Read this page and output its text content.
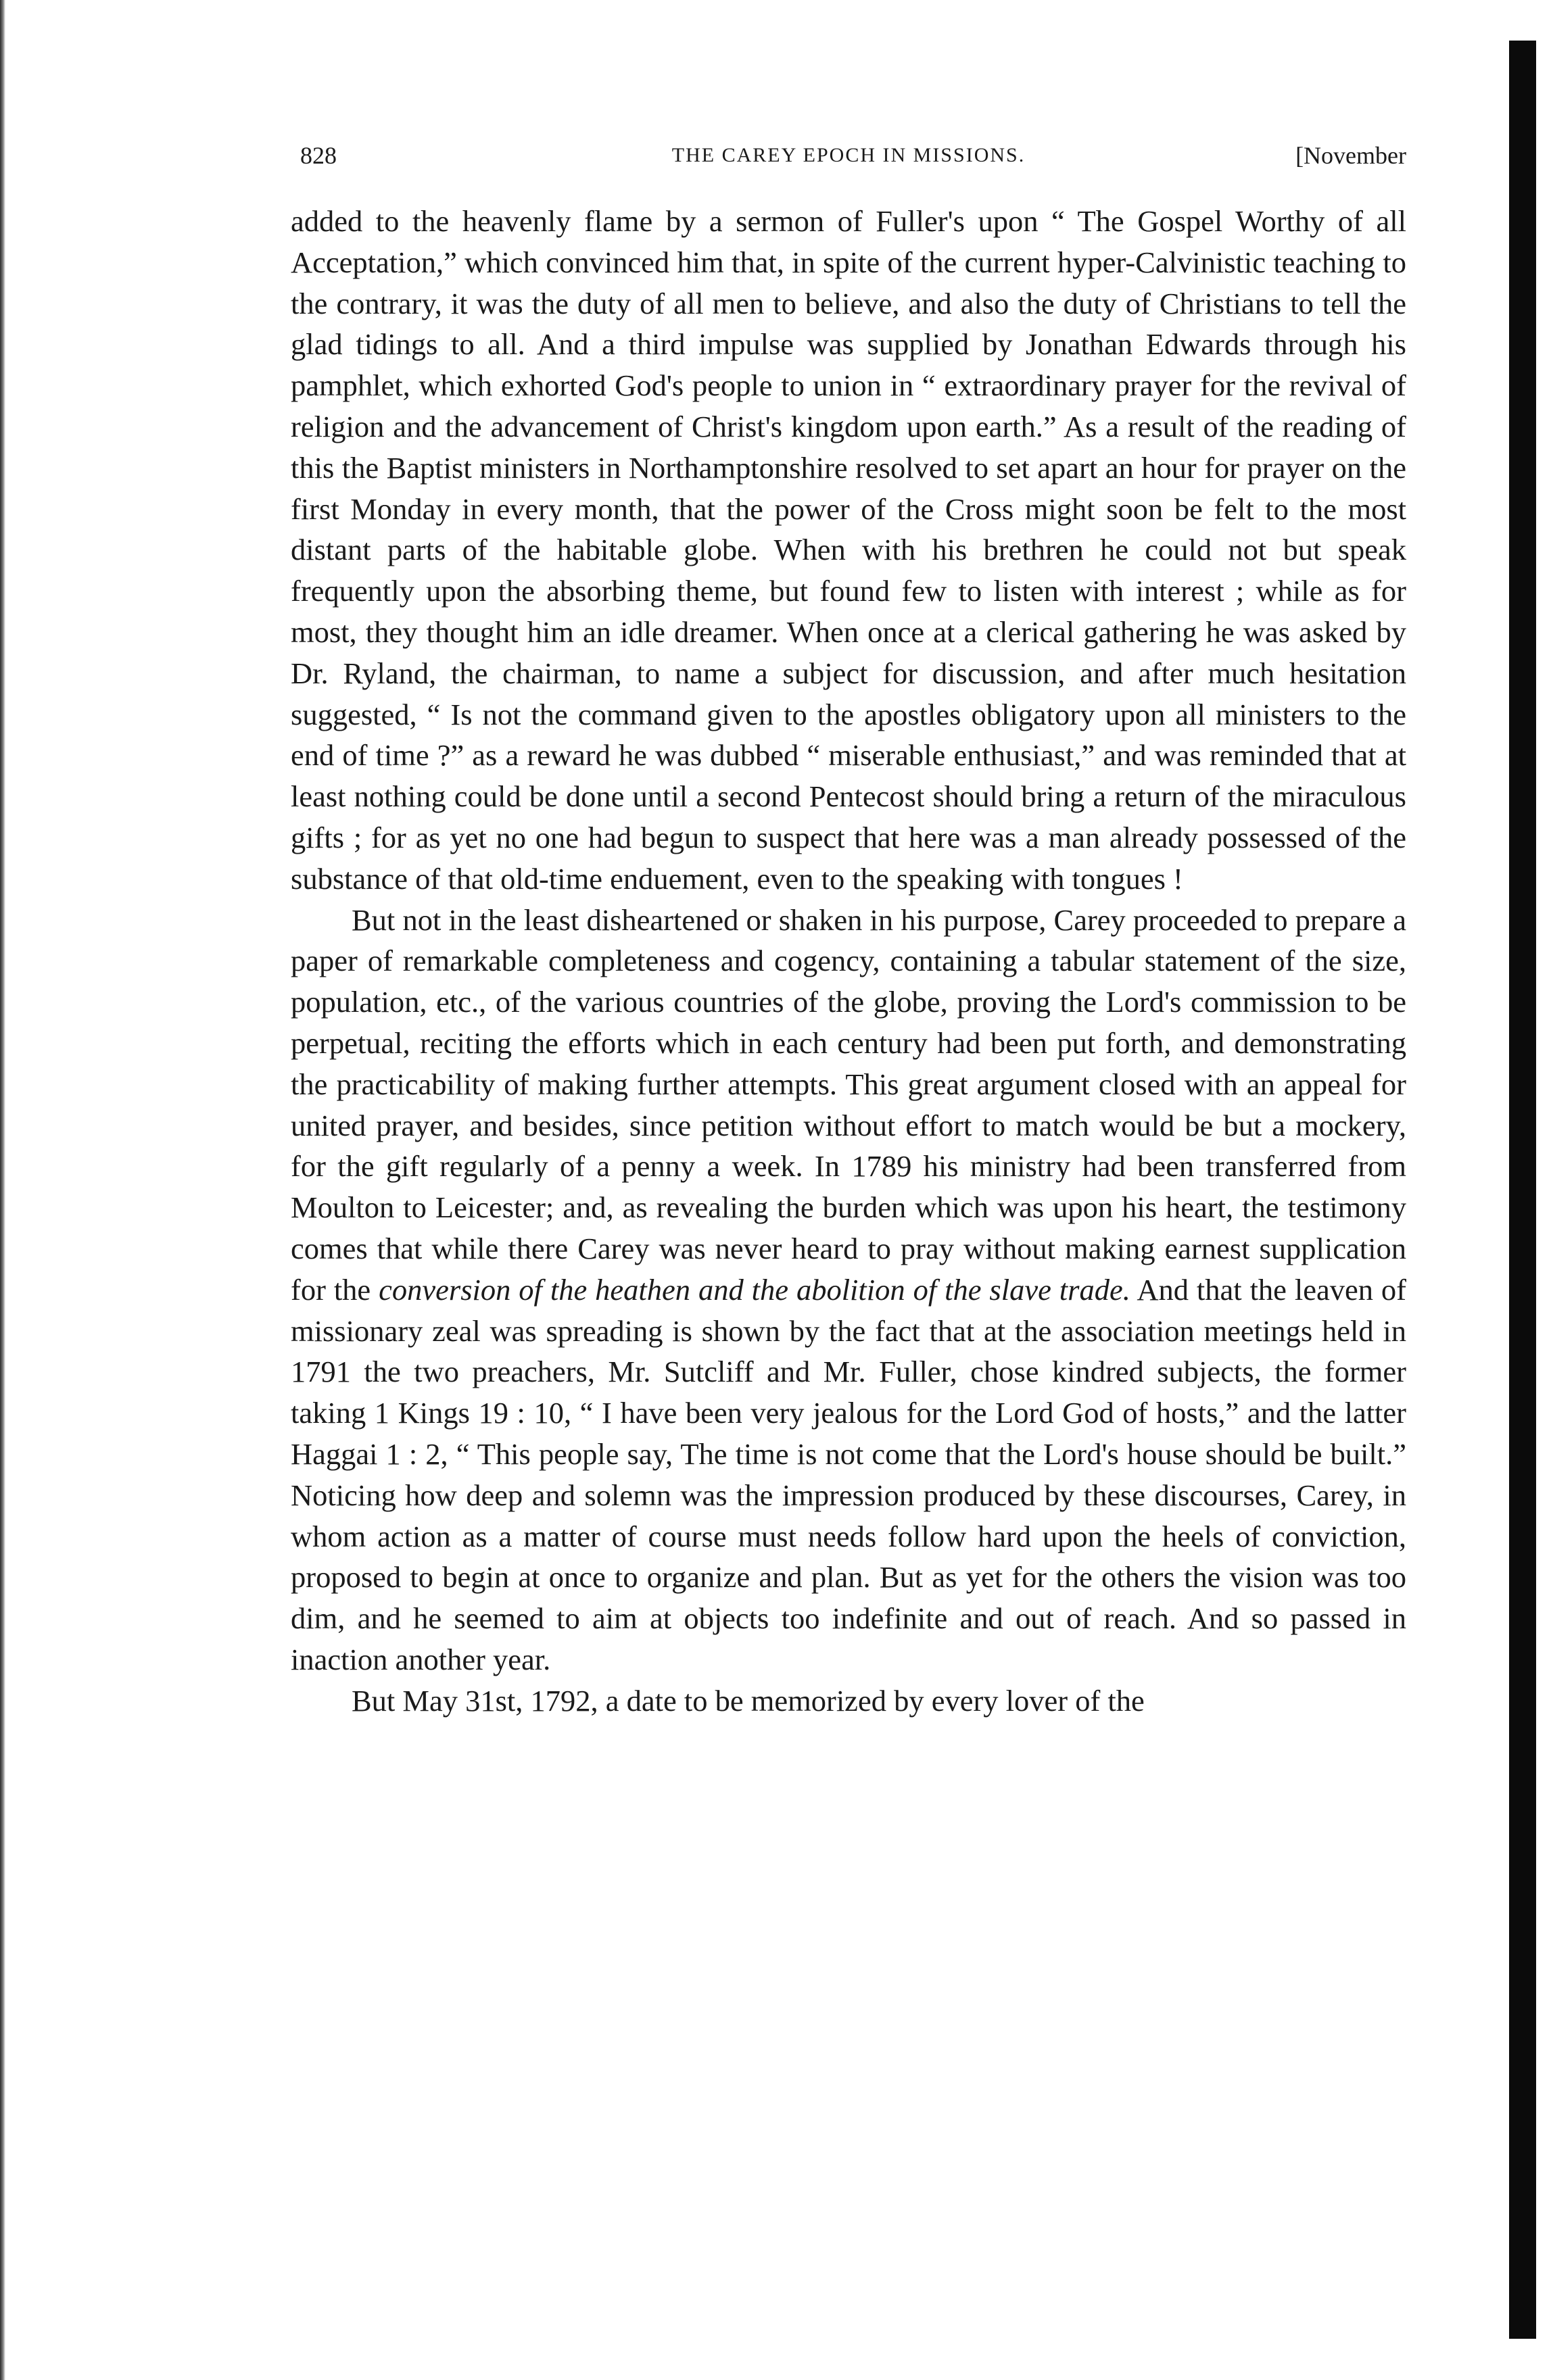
828	THE CAREY EPOCH IN MISSIONS.	[November

added to the heavenly flame by a sermon of Fuller's upon “ The Gospel Worthy of all Acceptation,” which convinced him that, in spite of the current hyper-Calvinistic teaching to the contrary, it was the duty of all men to believe, and also the duty of Christians to tell the glad tidings to all. And a third impulse was supplied by Jonathan Edwards through his pamphlet, which exhorted God's people to union in “ extraordinary prayer for the revival of religion and the advancement of Christ's kingdom upon earth.” As a result of the reading of this the Baptist ministers in Northamptonshire resolved to set apart an hour for prayer on the first Monday in every month, that the power of the Cross might soon be felt to the most distant parts of the habitable globe. When with his brethren he could not but speak frequently upon the absorbing theme, but found few to listen with interest ; while as for most, they thought him an idle dreamer. When once at a clerical gathering he was asked by Dr. Ryland, the chairman, to name a subject for discussion, and after much hesitation suggested, “ Is not the command given to the apostles obligatory upon all ministers to the end of time ?” as a reward he was dubbed “ miserable enthusiast,” and was reminded that at least nothing could be done until a second Pentecost should bring a return of the miraculous gifts ; for as yet no one had begun to suspect that here was a man already possessed of the substance of that old-time enduement, even to the speaking with tongues !

But not in the least disheartened or shaken in his purpose, Carey proceeded to prepare a paper of remarkable completeness and cogency, containing a tabular statement of the size, population, etc., of the various countries of the globe, proving the Lord's commission to be perpetual, reciting the efforts which in each century had been put forth, and demonstrating the practicability of making further attempts. This great argument closed with an appeal for united prayer, and besides, since petition without effort to match would be but a mockery, for the gift regularly of a penny a week. In 1789 his ministry had been transferred from Moulton to Leicester; and, as revealing the burden which was upon his heart, the testimony comes that while there Carey was never heard to pray without making earnest supplication for the conversion of the heathen and the abolition of the slave trade. And that the leaven of missionary zeal was spreading is shown by the fact that at the association meetings held in 1791 the two preachers, Mr. Sutcliff and Mr. Fuller, chose kindred subjects, the former taking 1 Kings 19 : 10, “ I have been very jealous for the Lord God of hosts,” and the latter Haggai 1 : 2, “ This people say, The time is not come that the Lord's house should be built.” Noticing how deep and solemn was the impression produced by these discourses, Carey, in whom action as a matter of course must needs follow hard upon the heels of conviction, proposed to begin at once to organize and plan. But as yet for the others the vision was too dim, and he seemed to aim at objects too indefinite and out of reach. And so passed in inaction another year.

But May 31st, 1792, a date to be memorized by every lover of the
